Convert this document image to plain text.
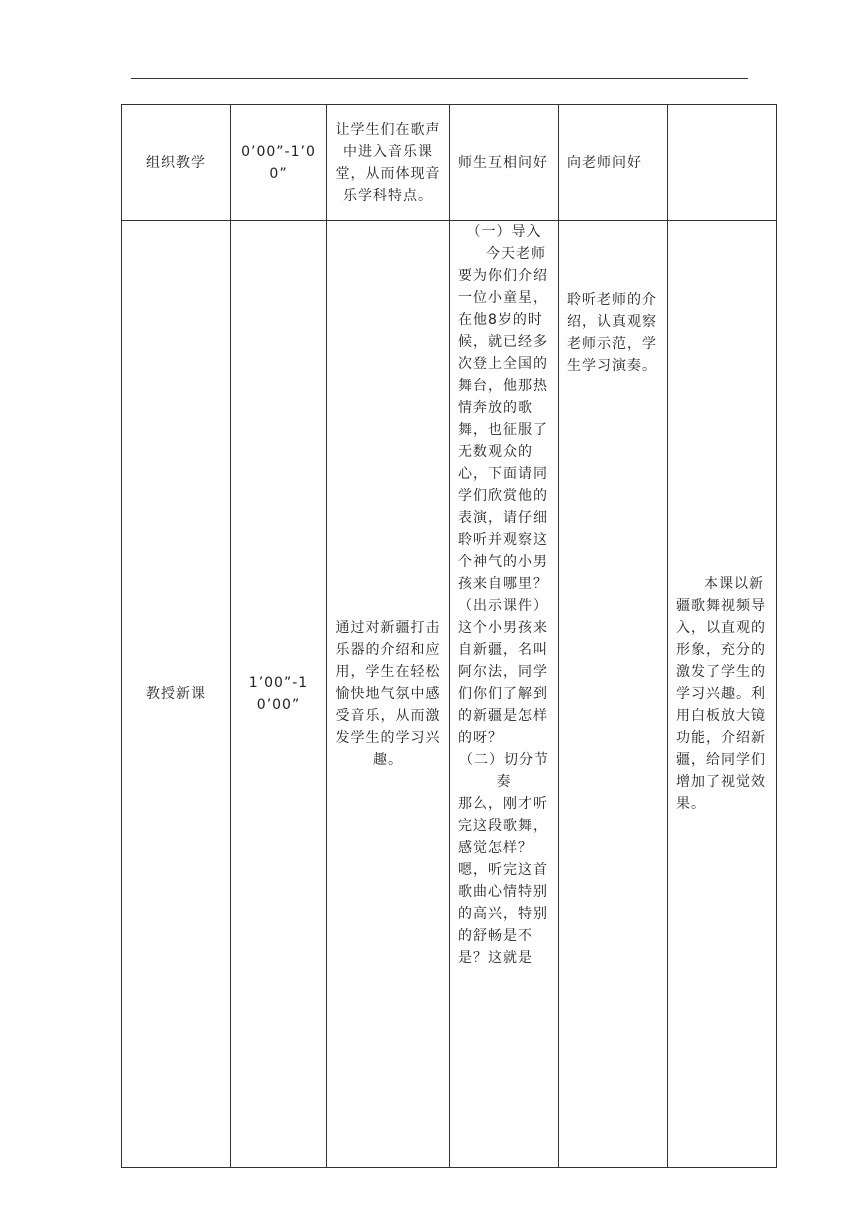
组织教学	0’00”-1’00”	让学生们在歌声中进入音乐课堂，从而体现音乐学科特点。	师生互相问好	向老师问好	
教授新课	1’00”-10’00”	通过对新疆打击乐器的介绍和应用，学生在轻松愉快地气氛中感受音乐，从而激发学生的学习兴趣。	（一）导入
今天老师要为你们介绍一位小童星，在他8岁的时候，就已经多次登上全国的舞台，他那热情奔放的歌舞，也征服了无数观众的心，下面请同学们欣赏他的表演，请仔细聆听并观察这个神气的小男孩来自哪里？（出示课件）这个小男孩来自新疆，名叫阿尔法，同学们你们了解到的新疆是怎样的呀？
（二）切分节奏
那么，刚才听完这段歌舞，感觉怎样？嗯，听完这首歌曲心情特别的高兴，特别的舒畅是不是？这就是	聆听老师的介绍，认真观察老师示范，学生学习演奏。	本课以新疆歌舞视频导入，以直观的形象，充分的激发了学生的学习兴趣。利用白板放大镜功能，介绍新疆，给同学们增加了视觉效果。
